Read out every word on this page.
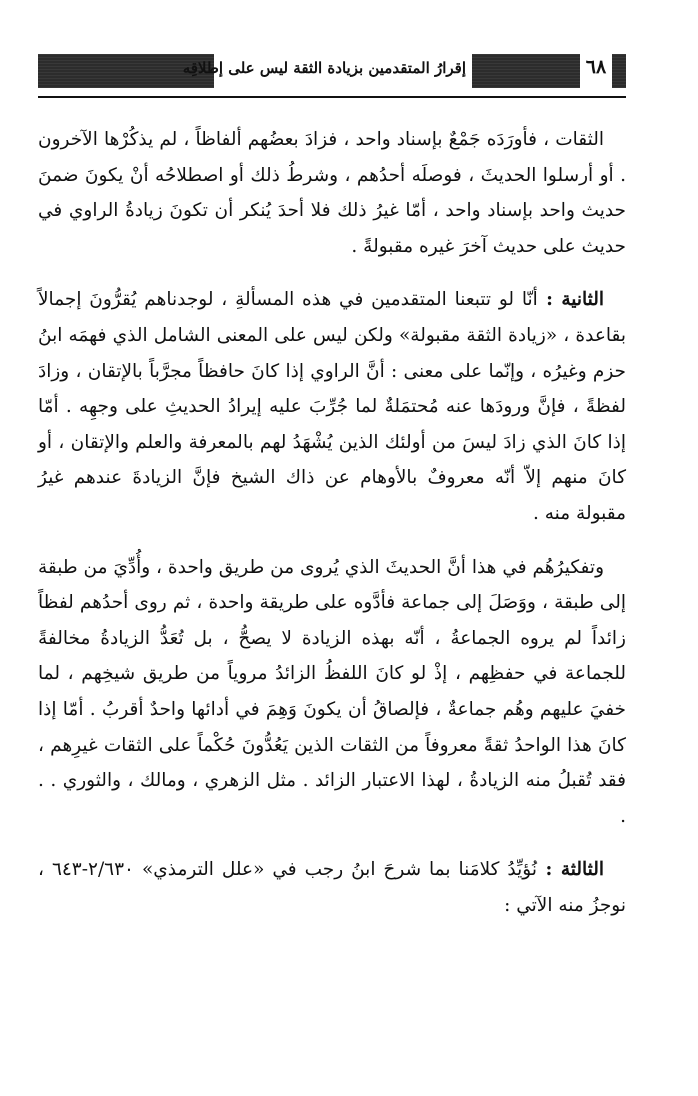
إقرارُ المتقدمين بزيادة الثقة ليس على إطلاقِه	٦٨

الثقات ، فأورَدَه جَمْعٌ بإسناد واحد ، فزادَ بعضُهم ألفاظاً ، لم يذكُرْها الآخرون . أو أرسلوا الحديثَ ، فوصلَه أحدُهم ، وشرطُ ذلك أو اصطلاحُه أنْ يكونَ ضمنَ حديث واحد بإسناد واحد ، أمّا غيرُ ذلك فلا أحدَ يُنكر أن تكونَ زيادةُ الراوي في حديث على حديث آخرَ غيره مقبولةً .

الثانية : أنّا لو تتبعنا المتقدمين في هذه المسألةِ ، لوجدناهم يُقرُّونَ إجمالاً بقاعدة ، «زيادة الثقة مقبولة» ولكن ليس على المعنى الشامل الذي فهمَه ابنُ حزم وغيرُه ، وإنّما على معنى : أنَّ الراوي إذا كانَ حافظاً مجرَّباً بالإتقان ، وزادَ لفظةً ، فإنَّ ورودَها عنه مُحتمَلةٌ لما جُرِّبَ عليه إيرادُ الحديثِ على وجهِه . أمّا إذا كانَ الذي زادَ ليسَ من أولئك الذين يُشْهَدُ لهم بالمعرفة والعلم والإتقان ، أو كانَ منهم إلاّ أنّه معروفٌ بالأوهام عن ذاك الشيخ فإنَّ الزيادةَ عندهم غيرُ مقبولة منه .

وتفكيرُهُم في هذا أنَّ الحديثَ الذي يُروى من طريق واحدة ، وأُدِّيَ من طبقة إلى طبقة ، ووَصَلَ إلى جماعة فأدَّوه على طريقة واحدة ، ثم روى أحدُهم لفظاً زائداً لم يروه الجماعةُ ، أنّه بهذه الزيادة لا يصحُّ ، بل تُعَدُّ الزيادةُ مخالفةً للجماعة في حفظِهم ، إذْ لو كانَ اللفظُ الزائدُ مروياً من طريق شيخِهم ، لما خفيَ عليهم وهُم جماعةٌ ، فإلصاقُ أن يكونَ وَهِمَ في أدائها واحدٌ أقربُ . أمّا إذا كانَ هذا الواحدُ ثقةً معروفاً من الثقات الذين يَعُدُّونَ حُكْماً على الثقات غيرِهم ، فقد تُقبلُ منه الزيادةُ ، لهذا الاعتبار الزائد . مثل الزهري ، ومالك ، والثوري . . .

الثالثة : نُؤيِّدُ كلامَنا بما شرحَ ابنُ رجب في «علل الترمذي» ٢/٦٣٠-٦٤٣ ، نوجزُ منه الآتي :
